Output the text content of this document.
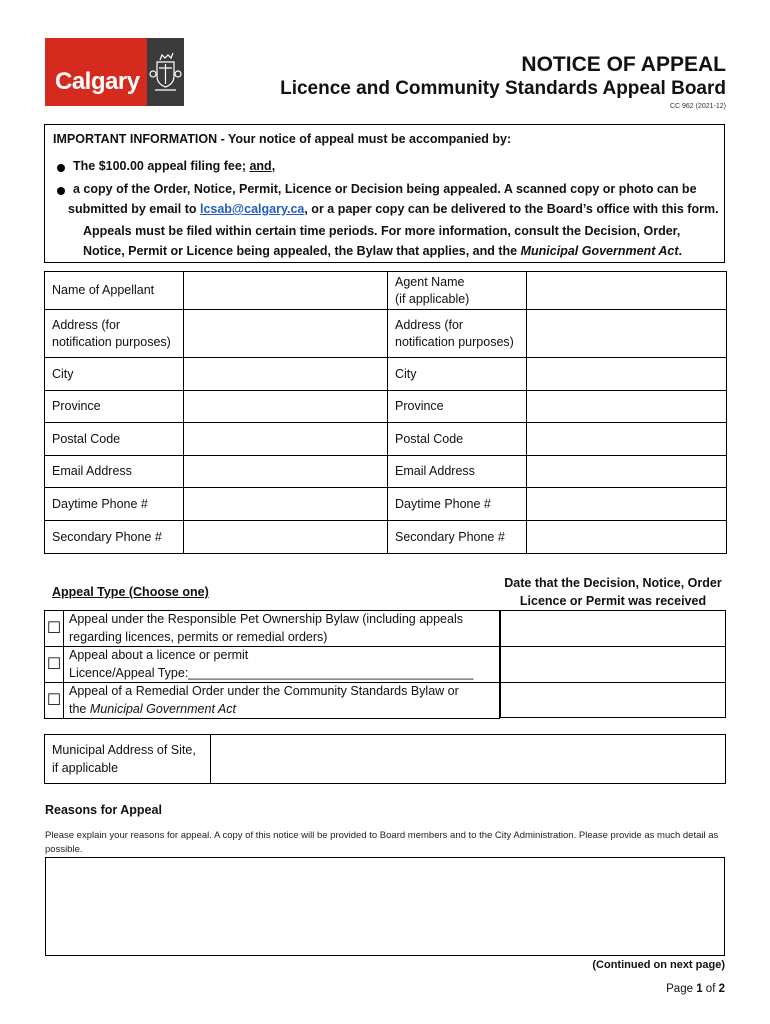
Calgary
NOTICE OF APPEAL
Licence and Community Standards Appeal Board
CC 962 (2021-12)
IMPORTANT INFORMATION - Your notice of appeal must be accompanied by:
The $100.00 appeal filing fee; and,
a copy of the Order, Notice, Permit, Licence or Decision being appealed. A scanned copy or photo can be
submitted by email to lcsab@calgary.ca, or a paper copy can be delivered to the Board’s office with this form.
Appeals must be filed within certain time periods. For more information, consult the Decision, Order,
Notice, Permit or Licence being appealed, the Bylaw that applies, and the Municipal Government Act.
Name of Appellant		Agent Name
(if applicable)	
Address (for
notification purposes)		Address (for
notification purposes)	
City		City	
Province		Province	
Postal Code		Postal Code	
Email Address		Email Address	
Daytime Phone #		Daytime Phone #	
Secondary Phone #		Secondary Phone #	
Appeal Type (Choose one)
Date that the Decision, Notice, Order
Licence or Permit was received
☐	Appeal under the Responsible Pet Ownership Bylaw (including appeals
regarding licences, permits or remedial orders)
☐	Appeal about a licence or permit
Licence/Appeal Type:_________________________________________
☐	Appeal of a Remedial Order under the Community Standards Bylaw or
the Municipal Government Act
Municipal Address of Site,
if applicable	
Reasons for Appeal
Please explain your reasons for appeal. A copy of this notice will be provided to Board members and to the City Administration. Please provide as much detail as possible.
(Continued on next page)
Page 1 of 2
